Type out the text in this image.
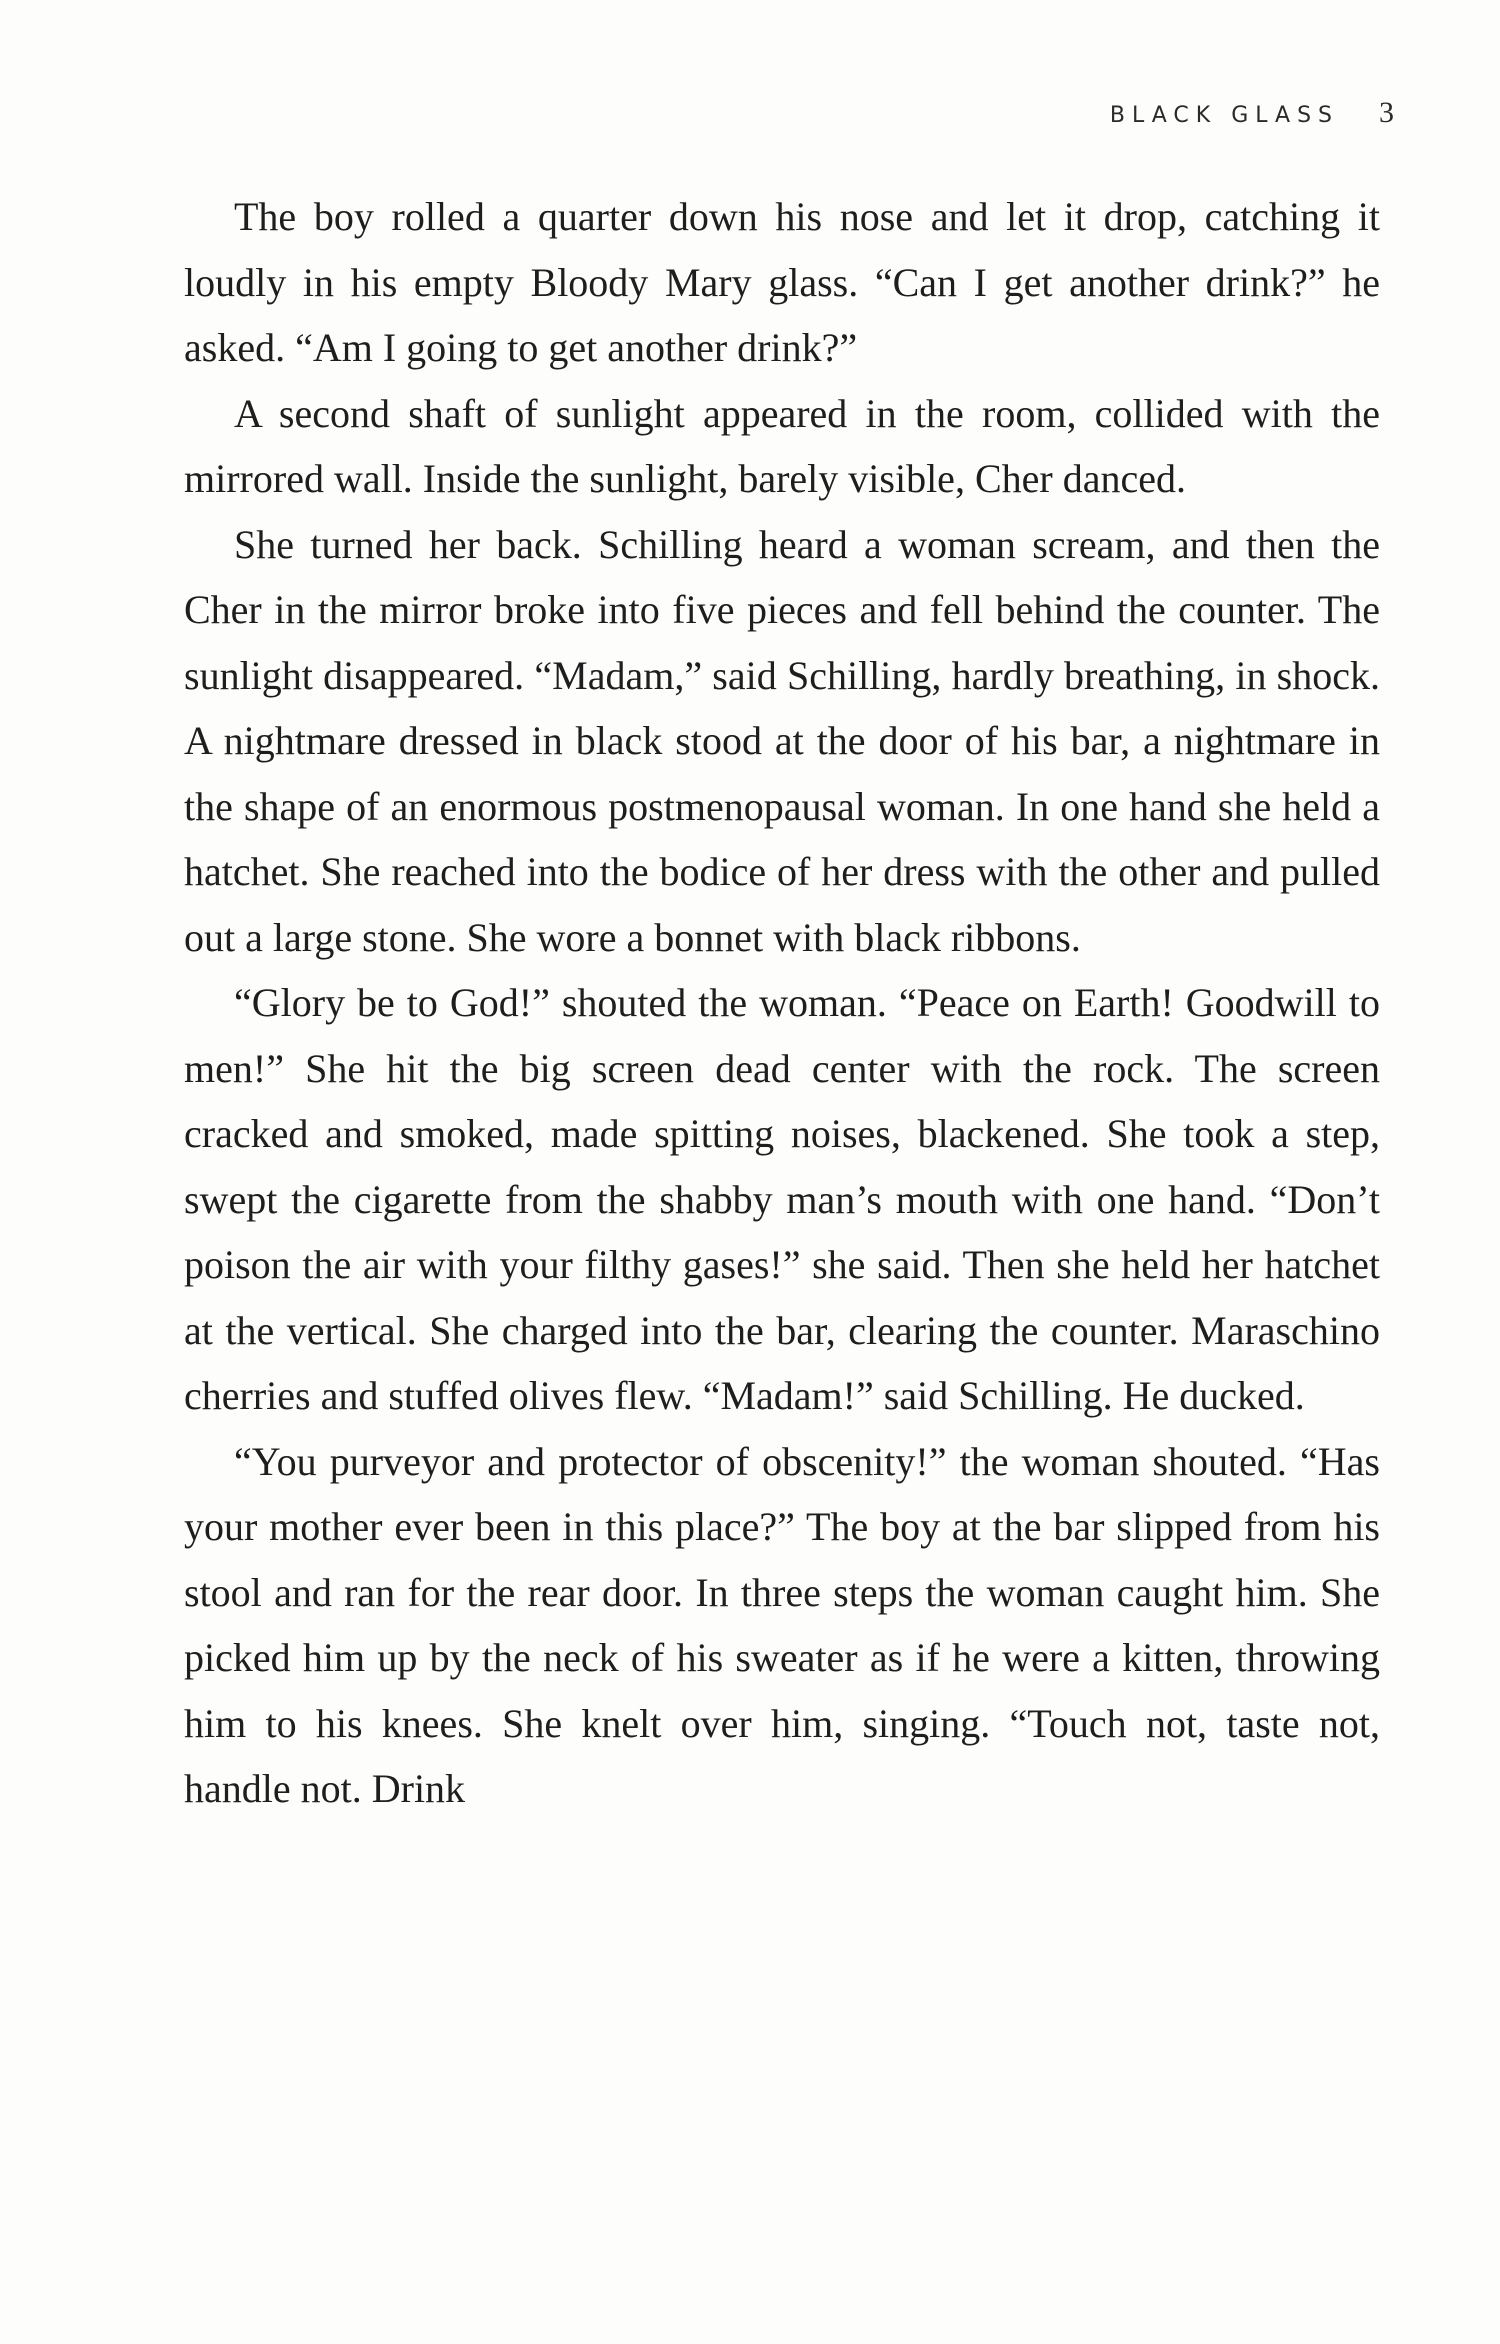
BLACK GLASS 3

The boy rolled a quarter down his nose and let it drop, catching it loudly in his empty Bloody Mary glass. “Can I get another drink?” he asked. “Am I going to get another drink?”

A second shaft of sunlight appeared in the room, collided with the mirrored wall. Inside the sunlight, barely visible, Cher danced.

She turned her back. Schilling heard a woman scream, and then the Cher in the mirror broke into five pieces and fell behind the counter. The sunlight disappeared. “Madam,” said Schilling, hardly breathing, in shock. A nightmare dressed in black stood at the door of his bar, a nightmare in the shape of an enormous postmenopausal woman. In one hand she held a hatchet. She reached into the bodice of her dress with the other and pulled out a large stone. She wore a bonnet with black ribbons.

“Glory be to God!” shouted the woman. “Peace on Earth! Goodwill to men!” She hit the big screen dead center with the rock. The screen cracked and smoked, made spitting noises, blackened. She took a step, swept the cigarette from the shabby man’s mouth with one hand. “Don’t poison the air with your filthy gases!” she said. Then she held her hatchet at the vertical. She charged into the bar, clearing the counter. Maraschino cherries and stuffed olives flew. “Madam!” said Schilling. He ducked.

“You purveyor and protector of obscenity!” the woman shouted. “Has your mother ever been in this place?” The boy at the bar slipped from his stool and ran for the rear door. In three steps the woman caught him. She picked him up by the neck of his sweater as if he were a kitten, throwing him to his knees. She knelt over him, singing. “Touch not, taste not, handle not. Drink
